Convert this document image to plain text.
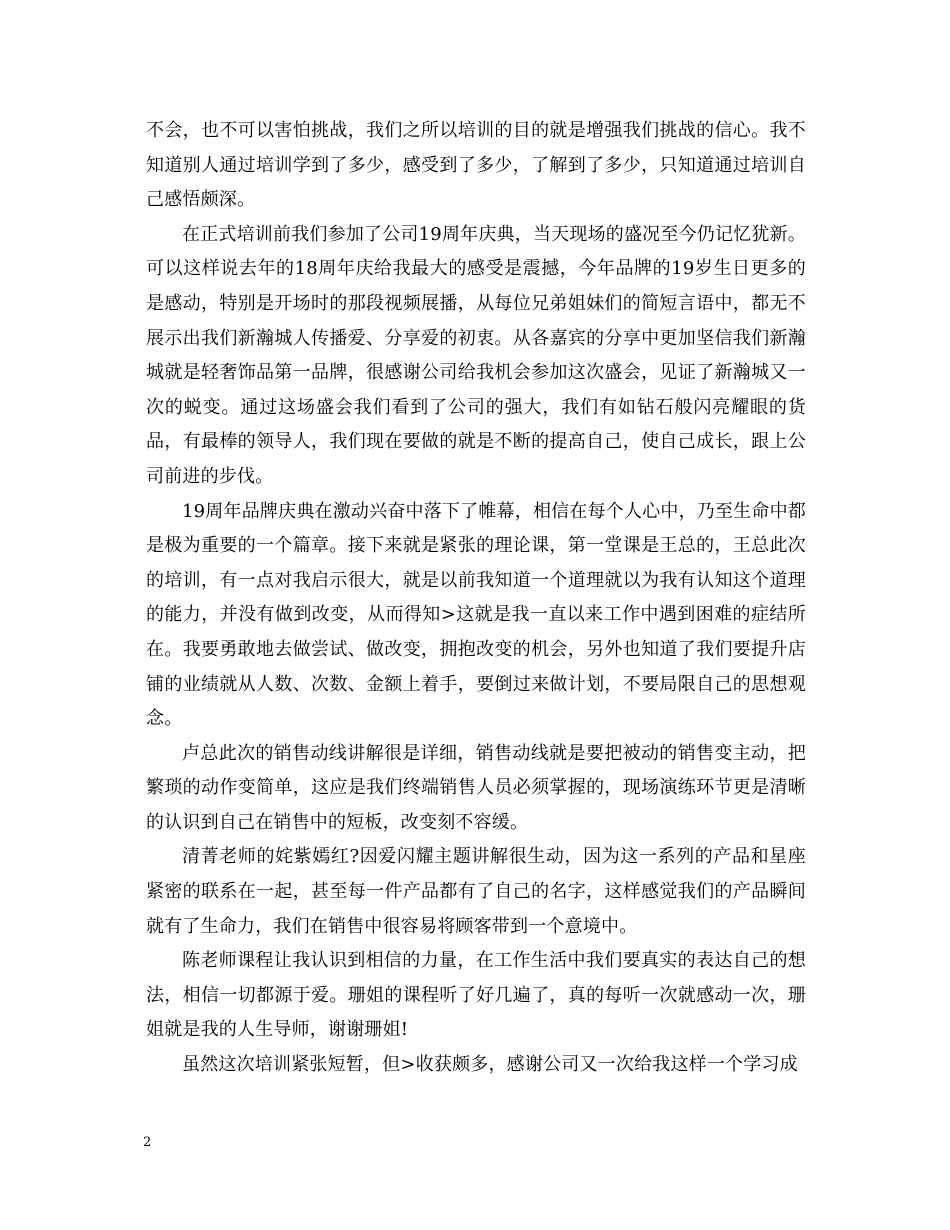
不会，也不可以害怕挑战，我们之所以培训的目的就是增强我们挑战的信心。我不知道别人通过培训学到了多少，感受到了多少，了解到了多少，只知道通过培训自己感悟颇深。

在正式培训前我们参加了公司19周年庆典，当天现场的盛况至今仍记忆犹新。可以这样说去年的18周年庆给我最大的感受是震撼，今年品牌的19岁生日更多的是感动，特别是开场时的那段视频展播，从每位兄弟姐妹们的简短言语中，都无不展示出我们新瀚城人传播爱、分享爱的初衷。从各嘉宾的分享中更加坚信我们新瀚城就是轻奢饰品第一品牌，很感谢公司给我机会参加这次盛会，见证了新瀚城又一次的蜕变。通过这场盛会我们看到了公司的强大，我们有如钻石般闪亮耀眼的货品，有最棒的领导人，我们现在要做的就是不断的提高自己，使自己成长，跟上公司前进的步伐。

19周年品牌庆典在激动兴奋中落下了帷幕，相信在每个人心中，乃至生命中都是极为重要的一个篇章。接下来就是紧张的理论课，第一堂课是王总的，王总此次的培训，有一点对我启示很大，就是以前我知道一个道理就以为我有认知这个道理的能力，并没有做到改变，从而得知>这就是我一直以来工作中遇到困难的症结所在。我要勇敢地去做尝试、做改变，拥抱改变的机会，另外也知道了我们要提升店铺的业绩就从人数、次数、金额上着手，要倒过来做计划，不要局限自己的思想观念。

卢总此次的销售动线讲解很是详细，销售动线就是要把被动的销售变主动，把繁琐的动作变简单，这应是我们终端销售人员必须掌握的，现场演练环节更是清晰的认识到自己在销售中的短板，改变刻不容缓。

清菁老师的姹紫嫣红?因爱闪耀主题讲解很生动，因为这一系列的产品和星座紧密的联系在一起，甚至每一件产品都有了自己的名字，这样感觉我们的产品瞬间就有了生命力，我们在销售中很容易将顾客带到一个意境中。

陈老师课程让我认识到相信的力量，在工作生活中我们要真实的表达自己的想法，相信一切都源于爱。珊姐的课程听了好几遍了，真的每听一次就感动一次，珊姐就是我的人生导师，谢谢珊姐!

虽然这次培训紧张短暂，但>收获颇多，感谢公司又一次给我这样一个学习成

2
